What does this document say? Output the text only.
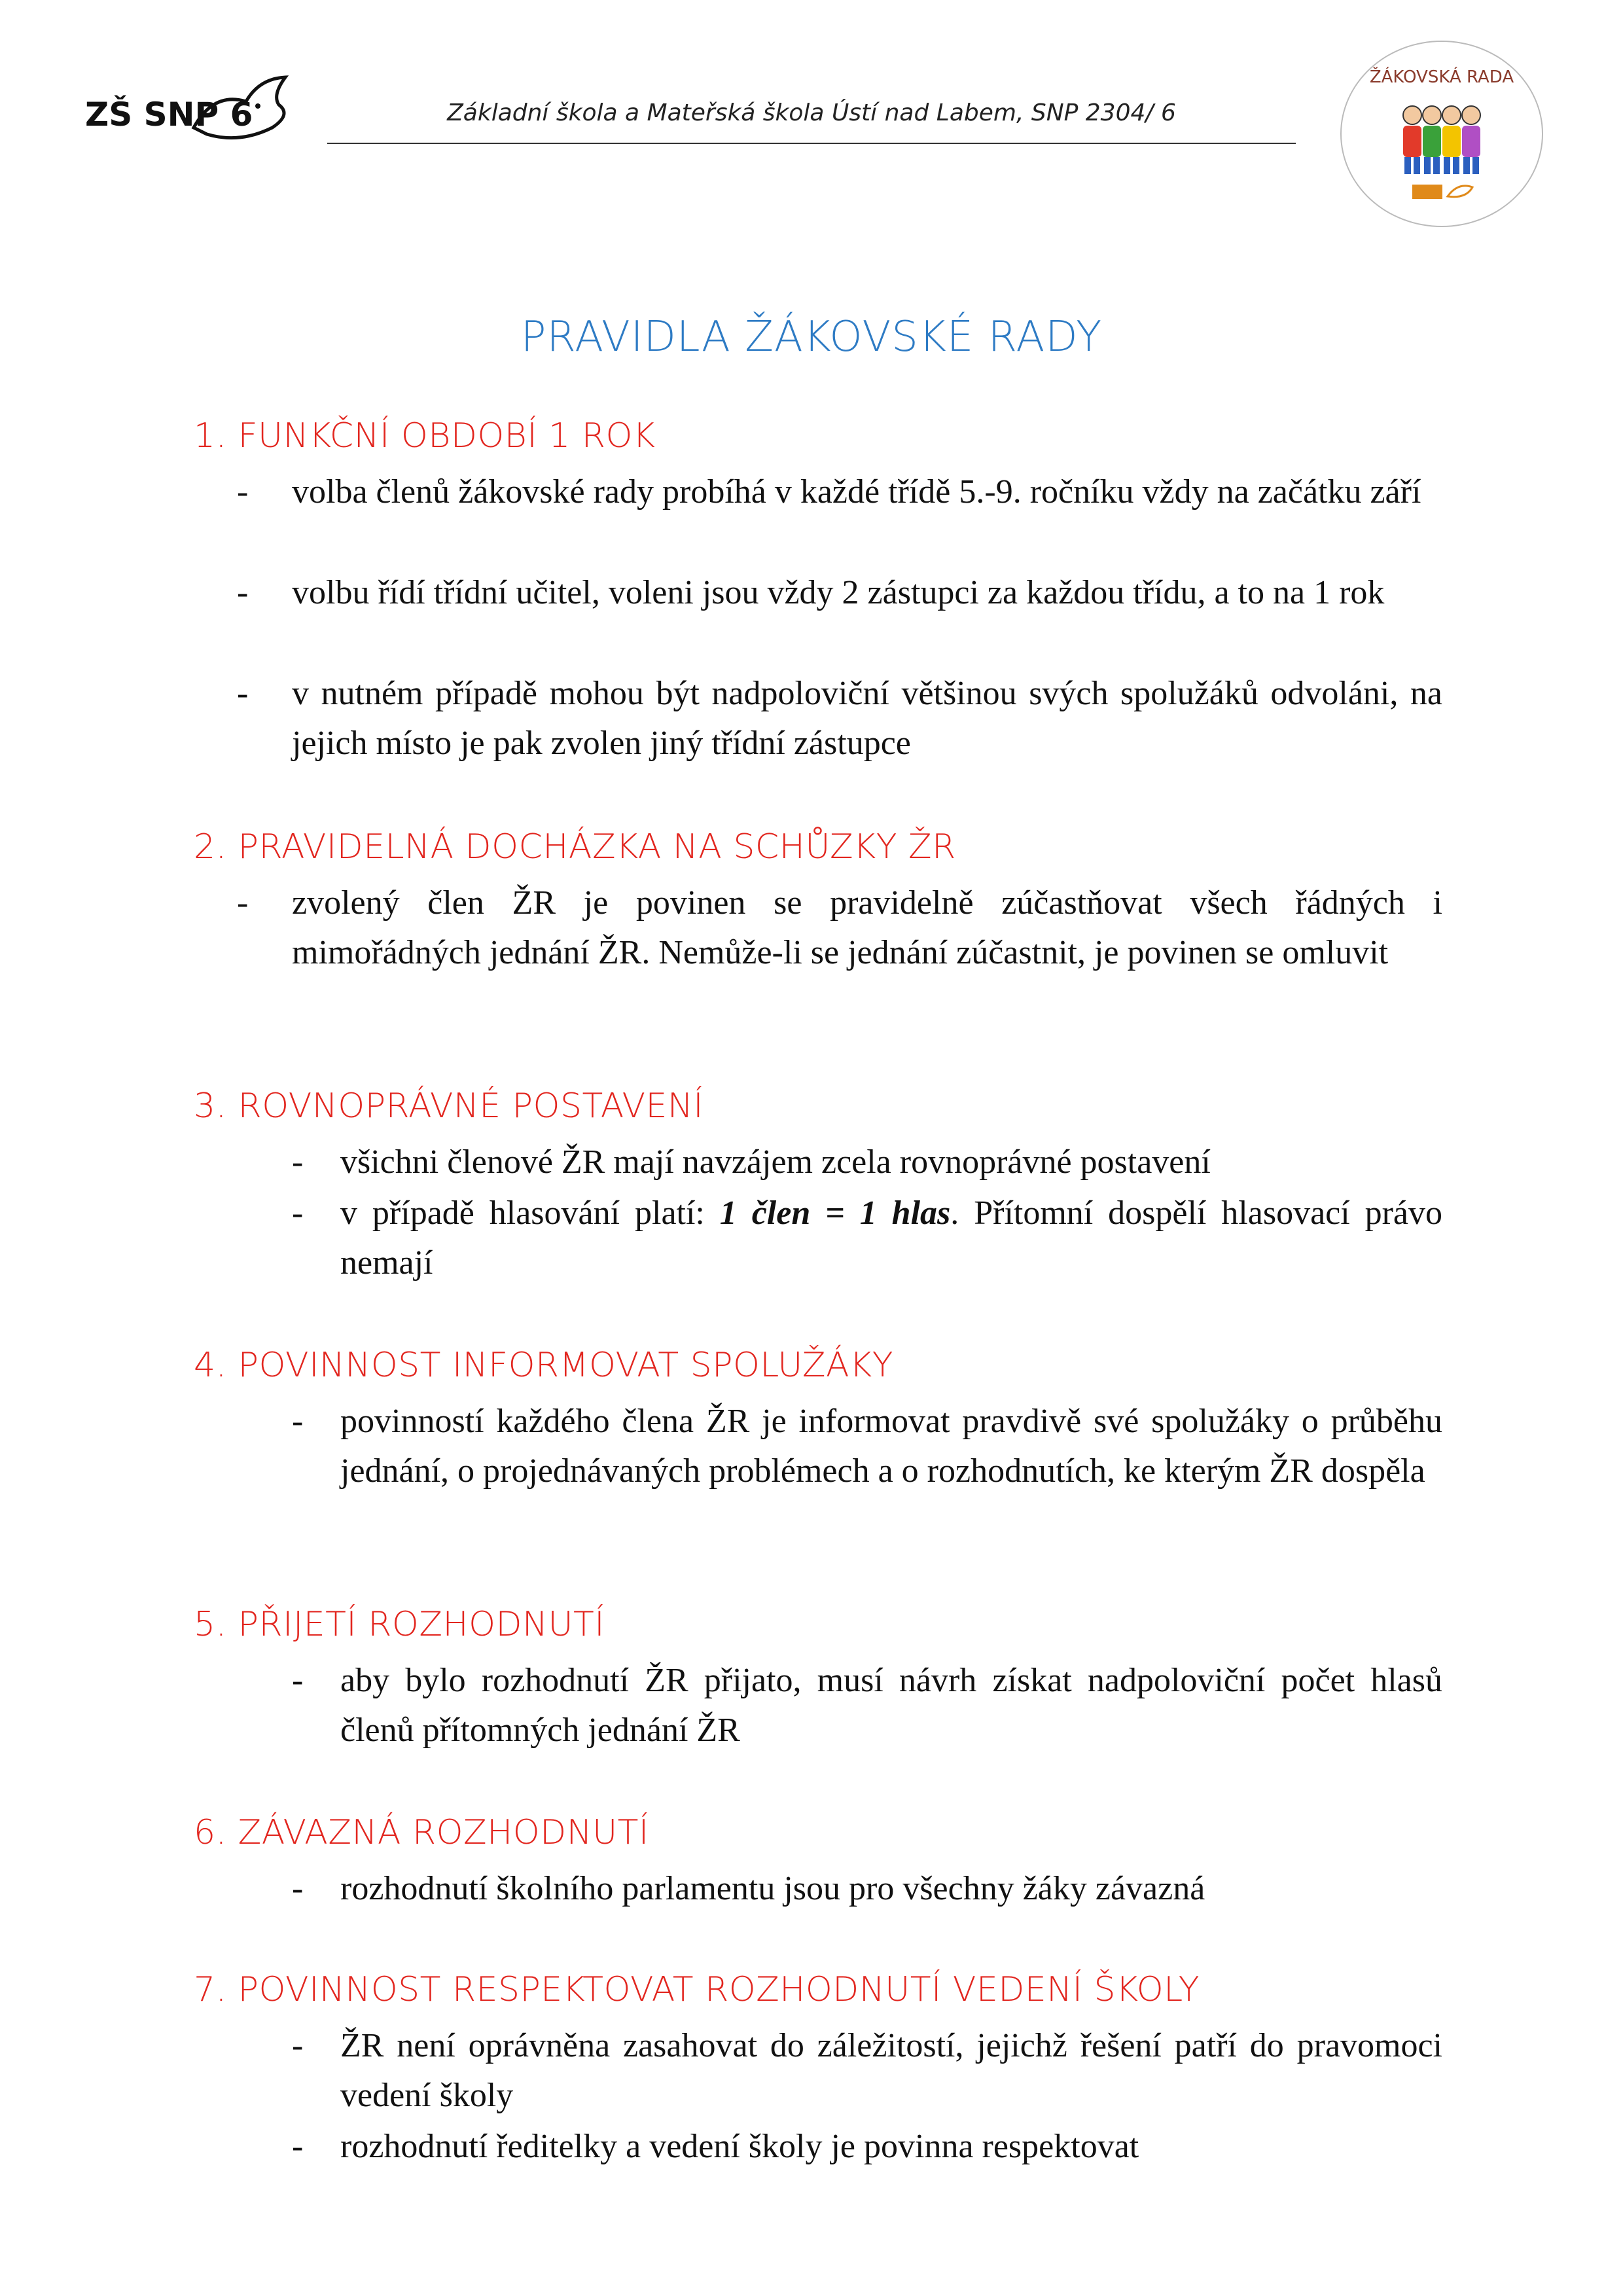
ZŠ SNP 6	Základní škola a Mateřská škola Ústí nad Labem, SNP 2304/ 6
ŽÁKOVSKÁ RADA
PRAVIDLA ŽÁKOVSKÉ RADY
1. FUNKČNÍ OBDOBÍ 1 ROK
- volba členů žákovské rady probíhá v každé třídě 5.-9. ročníku vždy na začátku září
- volbu řídí třídní učitel, voleni jsou vždy 2 zástupci za každou třídu, a to na 1 rok
- v nutném případě mohou být nadpoloviční většinou svých spolužáků odvoláni, na jejich místo je pak zvolen jiný třídní zástupce
2. PRAVIDELNÁ DOCHÁZKA NA SCHŮZKY ŽR
- zvolený člen ŽR je povinen se pravidelně zúčastňovat všech řádných i mimořádných jednání ŽR. Nemůže-li se jednání zúčastnit, je povinen se omluvit
3. ROVNOPRÁVNÉ POSTAVENÍ
- všichni členové ŽR mají navzájem zcela rovnoprávné postavení
- v případě hlasování platí: 1 člen = 1 hlas. Přítomní dospělí hlasovací právo nemají
4. POVINNOST INFORMOVAT SPOLUŽÁKY
- povinností každého člena ŽR je informovat pravdivě své spolužáky o průběhu jednání, o projednávaných problémech a o rozhodnutích, ke kterým ŽR dospěla
5. PŘIJETÍ ROZHODNUTÍ
- aby bylo rozhodnutí ŽR přijato, musí návrh získat nadpoloviční počet hlasů členů přítomných jednání ŽR
6. ZÁVAZNÁ ROZHODNUTÍ
- rozhodnutí školního parlamentu jsou pro všechny žáky závazná
7. POVINNOST RESPEKTOVAT ROZHODNUTÍ VEDENÍ ŠKOLY
- ŽR není oprávněna zasahovat do záležitostí, jejichž řešení patří do pravomoci vedení školy
- rozhodnutí ředitelky a vedení školy je povinna respektovat
